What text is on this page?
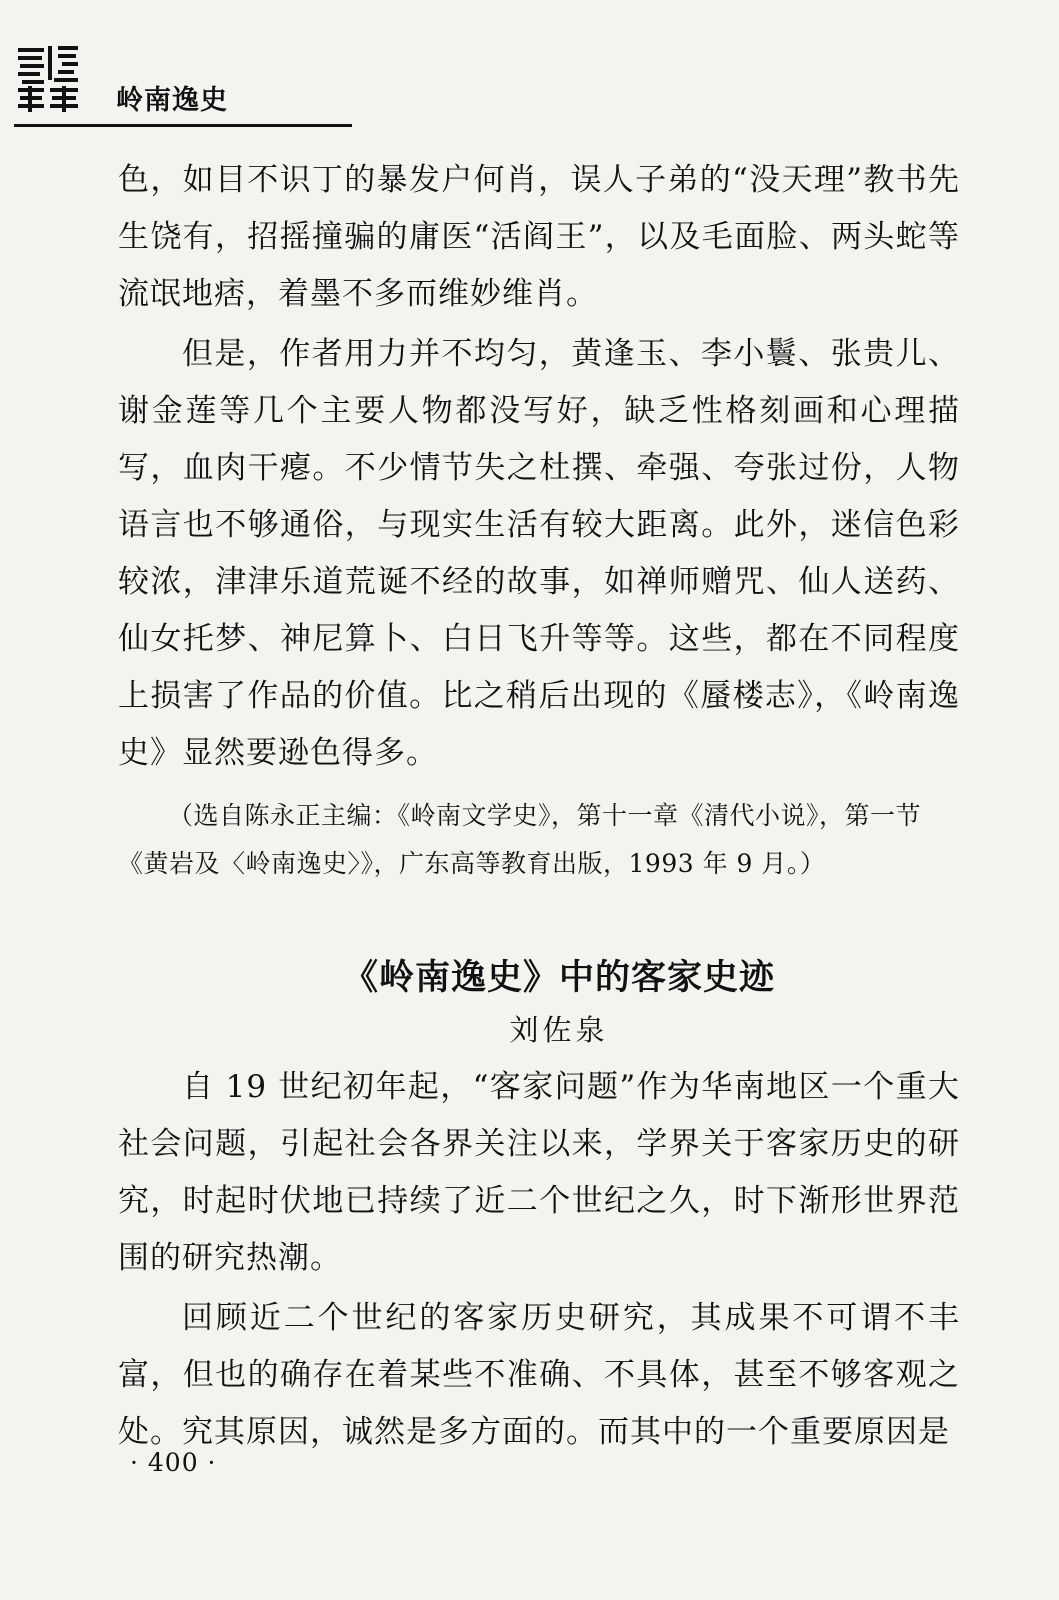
岭南逸史

色，如目不识丁的暴发户何肖，误人子弟的“没天理”教书先生饶有，招摇撞骗的庸医“活阎王”，以及毛面脸、两头蛇等流氓地痞，着墨不多而维妙维肖。

但是，作者用力并不均匀，黄逢玉、李小鬟、张贵儿、谢金莲等几个主要人物都没写好，缺乏性格刻画和心理描写，血肉干瘪。不少情节失之杜撰、牵强、夸张过份，人物语言也不够通俗，与现实生活有较大距离。此外，迷信色彩较浓，津津乐道荒诞不经的故事，如禅师赠咒、仙人送药、仙女托梦、神尼算卜、白日飞升等等。这些，都在不同程度上损害了作品的价值。比之稍后出现的《蜃楼志》，《岭南逸史》显然要逊色得多。

（选自陈永正主编：《岭南文学史》，第十一章《清代小说》，第一节《黄岩及〈岭南逸史〉》，广东高等教育出版，1993 年 9 月。）

《岭南逸史》中的客家史迹
刘佐泉

自 19 世纪初年起，“客家问题”作为华南地区一个重大社会问题，引起社会各界关注以来，学界关于客家历史的研究，时起时伏地已持续了近二个世纪之久，时下渐形世界范围的研究热潮。

回顾近二个世纪的客家历史研究，其成果不可谓不丰富，但也的确存在着某些不准确、不具体，甚至不够客观之处。究其原因，诚然是多方面的。而其中的一个重要原因是

· 400 ·
